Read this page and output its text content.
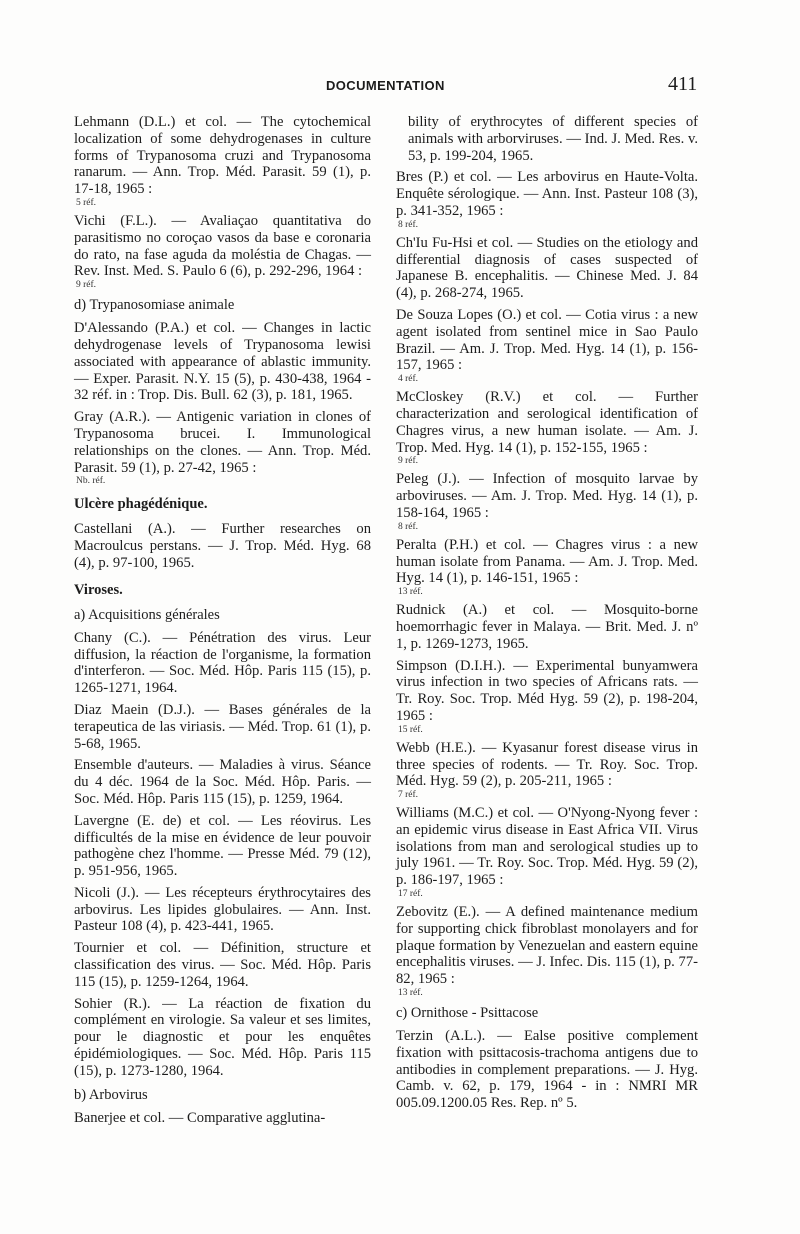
DOCUMENTATION	411
Lehmann (D.L.) et col. — The cytochemical localization of some dehydrogenases in culture forms of Trypanosoma cruzi and Trypanosoma ranarum. — Ann. Trop. Méd. Parasit. 59 (1), p. 17-18, 1965 :
5 réf.
Vichi (F.L.). — Avaliaçao quantitativa do parasitismo no coroçao vasos da base e coronaria do rato, na fase aguda da moléstia de Chagas. — Rev. Inst. Med. S. Paulo 6 (6), p. 292-296, 1964 :
9 réf.
d) Trypanosomiase animale
D'Alessando (P.A.) et col. — Changes in lactic dehydrogenase levels of Trypanosoma lewisi associated with appearance of ablastic immunity. — Exper. Parasit. N.Y. 15 (5), p. 430-438, 1964 - 32 réf. in : Trop. Dis. Bull. 62 (3), p. 181, 1965.
Gray (A.R.). — Antigenic variation in clones of Trypanosoma brucei. I. Immunological relationships on the clones. — Ann. Trop. Méd. Parasit. 59 (1), p. 27-42, 1965 :
Nb. réf.
Ulcère phagédénique.
Castellani (A.). — Further researches on Macroulcus perstans. — J. Trop. Méd. Hyg. 68 (4), p. 97-100, 1965.
Viroses.
a) Acquisitions générales
Chany (C.). — Pénétration des virus. Leur diffusion, la réaction de l'organisme, la formation d'interferon. — Soc. Méd. Hôp. Paris 115 (15), p. 1265-1271, 1964.
Diaz Maein (D.J.). — Bases générales de la terapeutica de las viriasis. — Méd. Trop. 61 (1), p. 5-68, 1965.
Ensemble d'auteurs. — Maladies à virus. Séance du 4 déc. 1964 de la Soc. Méd. Hôp. Paris. — Soc. Méd. Hôp. Paris 115 (15), p. 1259, 1964.
Lavergne (E. de) et col. — Les réovirus. Les difficultés de la mise en évidence de leur pouvoir pathogène chez l'homme. — Presse Méd. 79 (12), p. 951-956, 1965.
Nicoli (J.). — Les récepteurs érythrocytaires des arbovirus. Les lipides globulaires. — Ann. Inst. Pasteur 108 (4), p. 423-441, 1965.
Tournier et col. — Définition, structure et classification des virus. — Soc. Méd. Hôp. Paris 115 (15), p. 1259-1264, 1964.
Sohier (R.). — La réaction de fixation du complément en virologie. Sa valeur et ses limites, pour le diagnostic et pour les enquêtes épidémiologiques. — Soc. Méd. Hôp. Paris 115 (15), p. 1273-1280, 1964.
b) Arbovirus
Banerjee et col. — Comparative agglutina-
bility of erythrocytes of different species of animals with arborviruses. — Ind. J. Med. Res. v. 53, p. 199-204, 1965.
Bres (P.) et col. — Les arbovirus en Haute-Volta. Enquête sérologique. — Ann. Inst. Pasteur 108 (3), p. 341-352, 1965 :
8 réf.
Ch'Iu Fu-Hsi et col. — Studies on the etiology and differential diagnosis of cases suspected of Japanese B. encephalitis. — Chinese Med. J. 84 (4), p. 268-274, 1965.
De Souza Lopes (O.) et col. — Cotia virus : a new agent isolated from sentinel mice in Sao Paulo Brazil. — Am. J. Trop. Med. Hyg. 14 (1), p. 156-157, 1965 :
4 réf.
McCloskey (R.V.) et col. — Further characterization and serological identification of Chagres virus, a new human isolate. — Am. J. Trop. Med. Hyg. 14 (1), p. 152-155, 1965 :
9 réf.
Peleg (J.). — Infection of mosquito larvae by arboviruses. — Am. J. Trop. Med. Hyg. 14 (1), p. 158-164, 1965 :
8 réf.
Peralta (P.H.) et col. — Chagres virus : a new human isolate from Panama. — Am. J. Trop. Med. Hyg. 14 (1), p. 146-151, 1965 :
13 réf.
Rudnick (A.) et col. — Mosquito-borne hoemorrhagic fever in Malaya. — Brit. Med. J. nº 1, p. 1269-1273, 1965.
Simpson (D.I.H.). — Experimental bunyamwera virus infection in two species of Africans rats. — Tr. Roy. Soc. Trop. Méd Hyg. 59 (2), p. 198-204, 1965 :
15 réf.
Webb (H.E.). — Kyasanur forest disease virus in three species of rodents. — Tr. Roy. Soc. Trop. Méd. Hyg. 59 (2), p. 205-211, 1965 :
7 réf.
Williams (M.C.) et col. — O'Nyong-Nyong fever : an epidemic virus disease in East Africa VII. Virus isolations from man and serological studies up to july 1961. — Tr. Roy. Soc. Trop. Méd. Hyg. 59 (2), p. 186-197, 1965 :
17 réf.
Zebovitz (E.). — A defined maintenance medium for supporting chick fibroblast monolayers and for plaque formation by Venezuelan and eastern equine encephalitis viruses. — J. Infec. Dis. 115 (1), p. 77-82, 1965 :
13 réf.
c) Ornithose - Psittacose
Terzin (A.L.). — Ealse positive complement fixation with psittacosis-trachoma antigens due to antibodies in complement preparations. — J. Hyg. Camb. v. 62, p. 179, 1964 - in : NMRI MR 005.09.1200.05 Res. Rep. nº 5.
